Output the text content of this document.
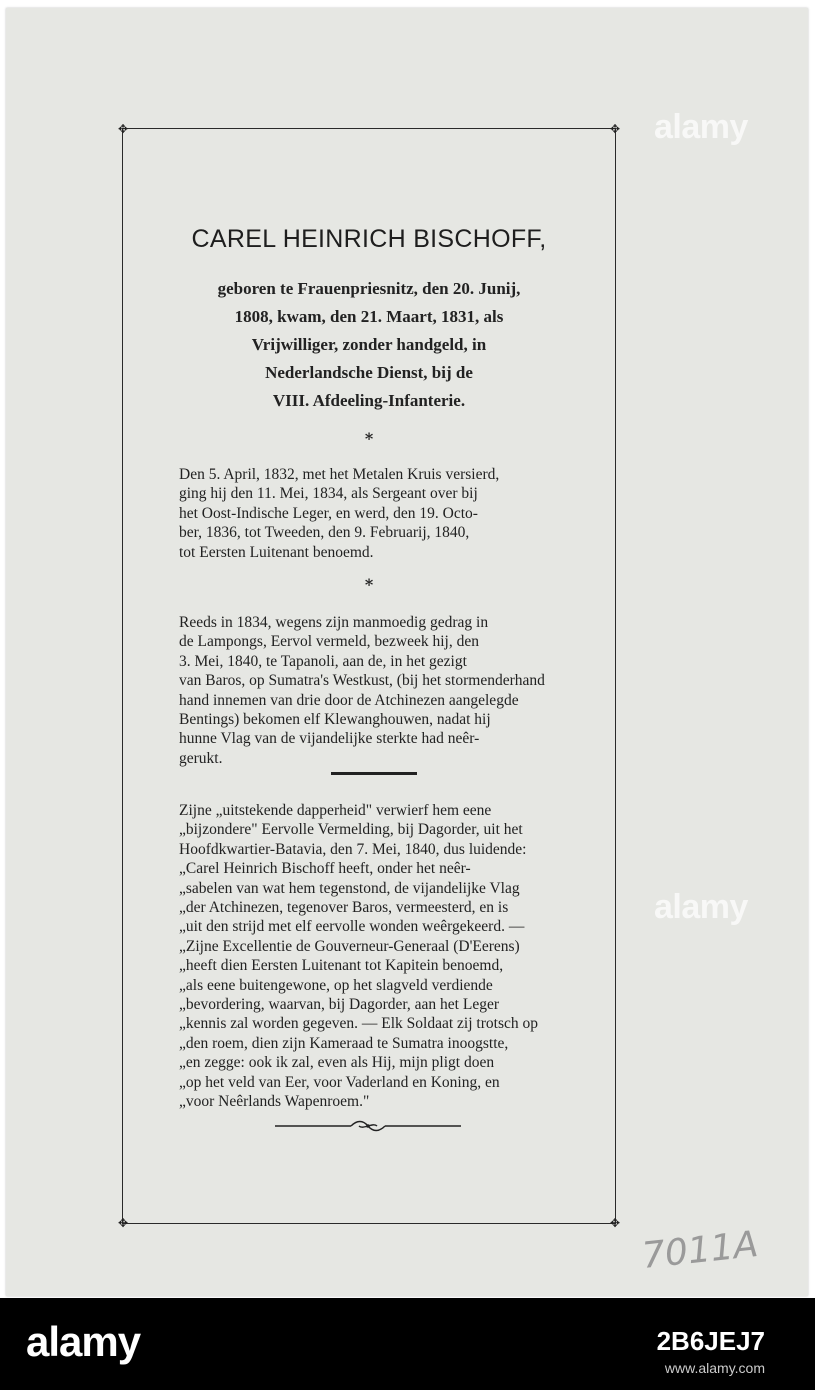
alamy
alamy
✥	✥
✥	✥
CAREL HEINRICH BISCHOFF,
geboren te Frauenpriesnitz, den 20. Junij,
1808, kwam, den 21. Maart, 1831, als
Vrijwilliger, zonder handgeld, in
Nederlandsche Dienst, bij de
VIII. Afdeeling-Infanterie.
*
Den 5. April, 1832, met het Metalen Kruis versierd,
ging hij den 11. Mei, 1834, als Sergeant over bij
het Oost-Indische Leger, en werd, den 19. Octo-
ber, 1836, tot Tweeden, den 9. Februarij, 1840,
tot Eersten Luitenant benoemd.
*
Reeds in 1834, wegens zijn manmoedig gedrag in
de Lampongs, Eervol vermeld, bezweek hij, den
3. Mei, 1840, te Tapanoli, aan de, in het gezigt
van Baros, op Sumatra's Westkust, (bij het stormenderhand
hand innemen van drie door de Atchinezen aangelegde
Bentings) bekomen elf Klewanghouwen, nadat hij
hunne Vlag van de vijandelijke sterkte had neêr-
gerukt.
Zijne „uitstekende dapperheid" verwierf hem eene
„bijzondere" Eervolle Vermelding, bij Dagorder, uit het
Hoofdkwartier-Batavia, den 7. Mei, 1840, dus luidende:
„Carel Heinrich Bischoff heeft, onder het neêr-
„sabelen van wat hem tegenstond, de vijandelijke Vlag
„der Atchinezen, tegenover Baros, vermeesterd, en is
„uit den strijd met elf eervolle wonden weêrgekeerd. —
„Zijne Excellentie de Gouverneur-Generaal (D'Eerens)
„heeft dien Eersten Luitenant tot Kapitein benoemd,
„als eene buitengewone, op het slagveld verdiende
„bevordering, waarvan, bij Dagorder, aan het Leger
„kennis zal worden gegeven. — Elk Soldaat zij trotsch op
„den roem, dien zijn Kameraad te Sumatra inoogstte,
„en zegge: ook ik zal, even als Hij, mijn pligt doen
„op het veld van Eer, voor Vaderland en Koning, en
„voor Neêrlands Wapenroem."
7011A
alamy	2B6JEJ7
www.alamy.com
